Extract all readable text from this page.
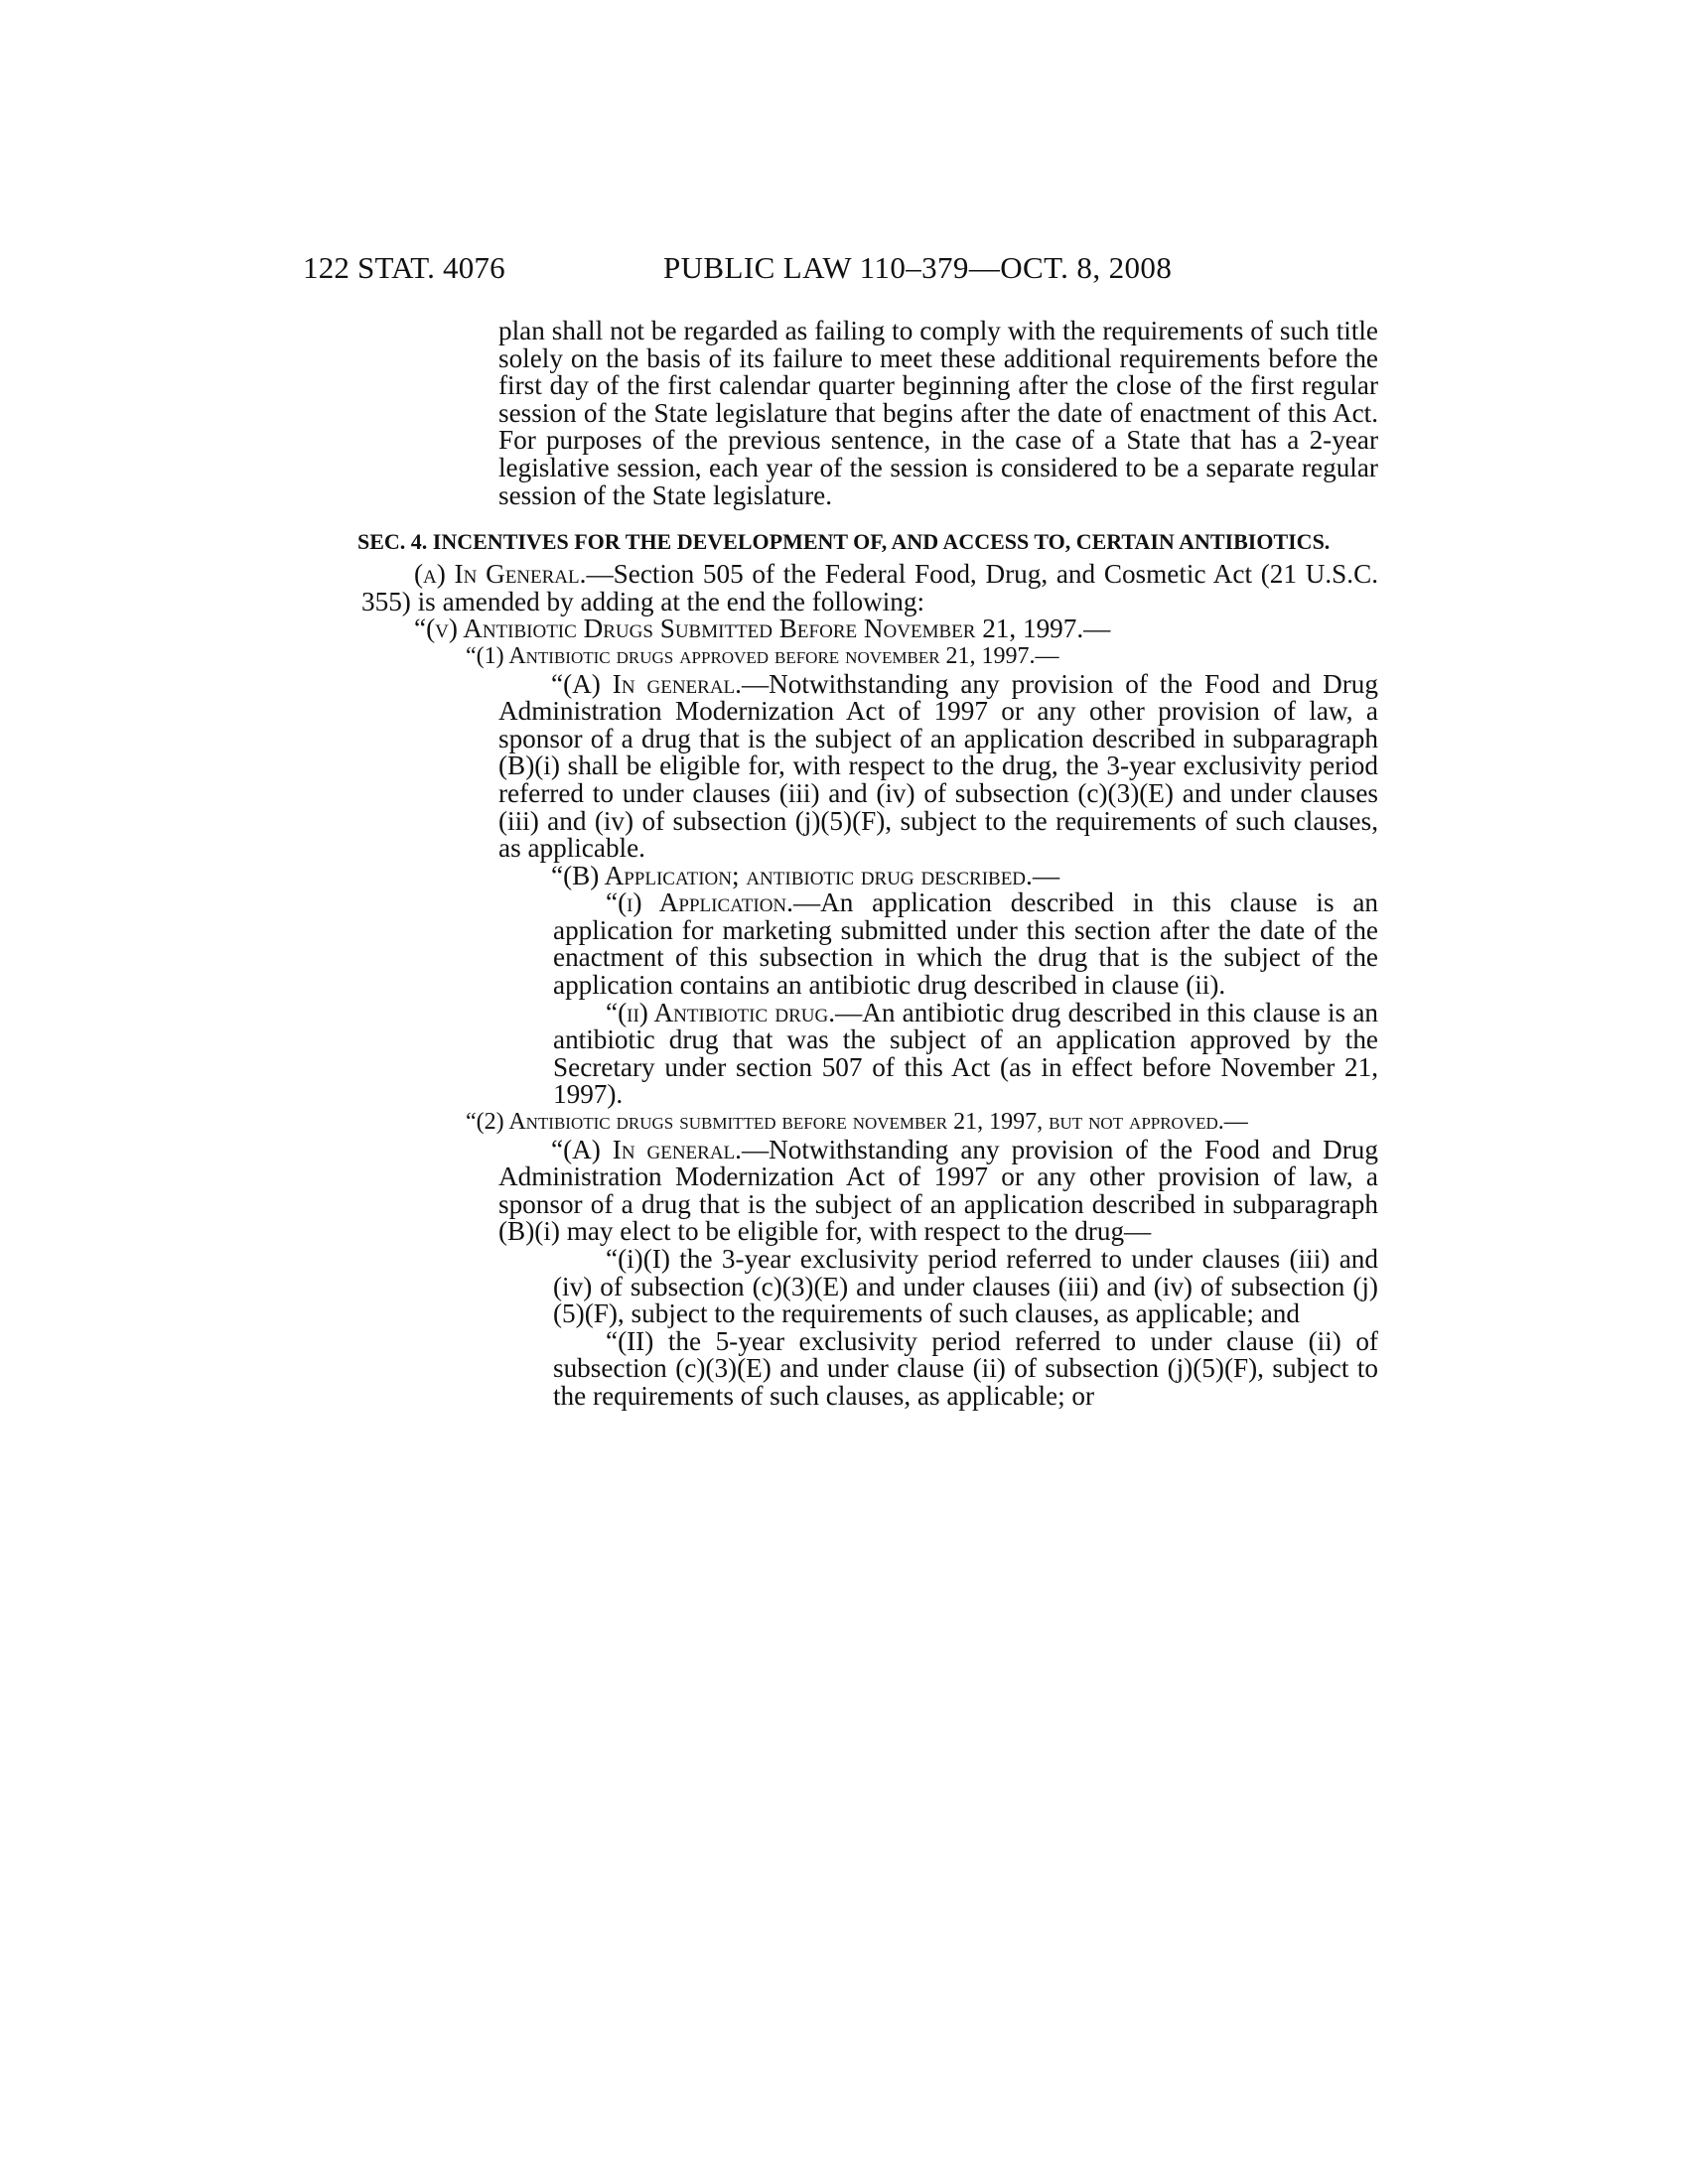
122 STAT. 4076	PUBLIC LAW 110–379—OCT. 8, 2008

plan shall not be regarded as failing to comply with the requirements of such title solely on the basis of its failure to meet these additional requirements before the first day of the first calendar quarter beginning after the close of the first regular session of the State legislature that begins after the date of enactment of this Act. For purposes of the previous sentence, in the case of a State that has a 2-year legislative session, each year of the session is considered to be a separate regular session of the State legislature.

SEC. 4. INCENTIVES FOR THE DEVELOPMENT OF, AND ACCESS TO, CERTAIN ANTIBIOTICS.

(a) In General.—Section 505 of the Federal Food, Drug, and Cosmetic Act (21 U.S.C. 355) is amended by adding at the end the following:

“(v) Antibiotic Drugs Submitted Before November 21, 1997.—

“(1) Antibiotic drugs approved before november 21, 1997.—

“(A) In general.—Notwithstanding any provision of the Food and Drug Administration Modernization Act of 1997 or any other provision of law, a sponsor of a drug that is the subject of an application described in subparagraph (B)(i) shall be eligible for, with respect to the drug, the 3-year exclusivity period referred to under clauses (iii) and (iv) of subsection (c)(3)(E) and under clauses (iii) and (iv) of subsection (j)(5)(F), subject to the requirements of such clauses, as applicable.

“(B) Application; antibiotic drug described.—

“(i) Application.—An application described in this clause is an application for marketing submitted under this section after the date of the enactment of this subsection in which the drug that is the subject of the application contains an antibiotic drug described in clause (ii).

“(ii) Antibiotic drug.—An antibiotic drug described in this clause is an antibiotic drug that was the subject of an application approved by the Secretary under section 507 of this Act (as in effect before November 21, 1997).

“(2) Antibiotic drugs submitted before november 21, 1997, but not approved.—

“(A) In general.—Notwithstanding any provision of the Food and Drug Administration Modernization Act of 1997 or any other provision of law, a sponsor of a drug that is the subject of an application described in subparagraph (B)(i) may elect to be eligible for, with respect to the drug—

“(i)(I) the 3-year exclusivity period referred to under clauses (iii) and (iv) of subsection (c)(3)(E) and under clauses (iii) and (iv) of subsection (j)(5)(F), subject to the requirements of such clauses, as applicable; and

“(II) the 5-year exclusivity period referred to under clause (ii) of subsection (c)(3)(E) and under clause (ii) of subsection (j)(5)(F), subject to the requirements of such clauses, as applicable; or
